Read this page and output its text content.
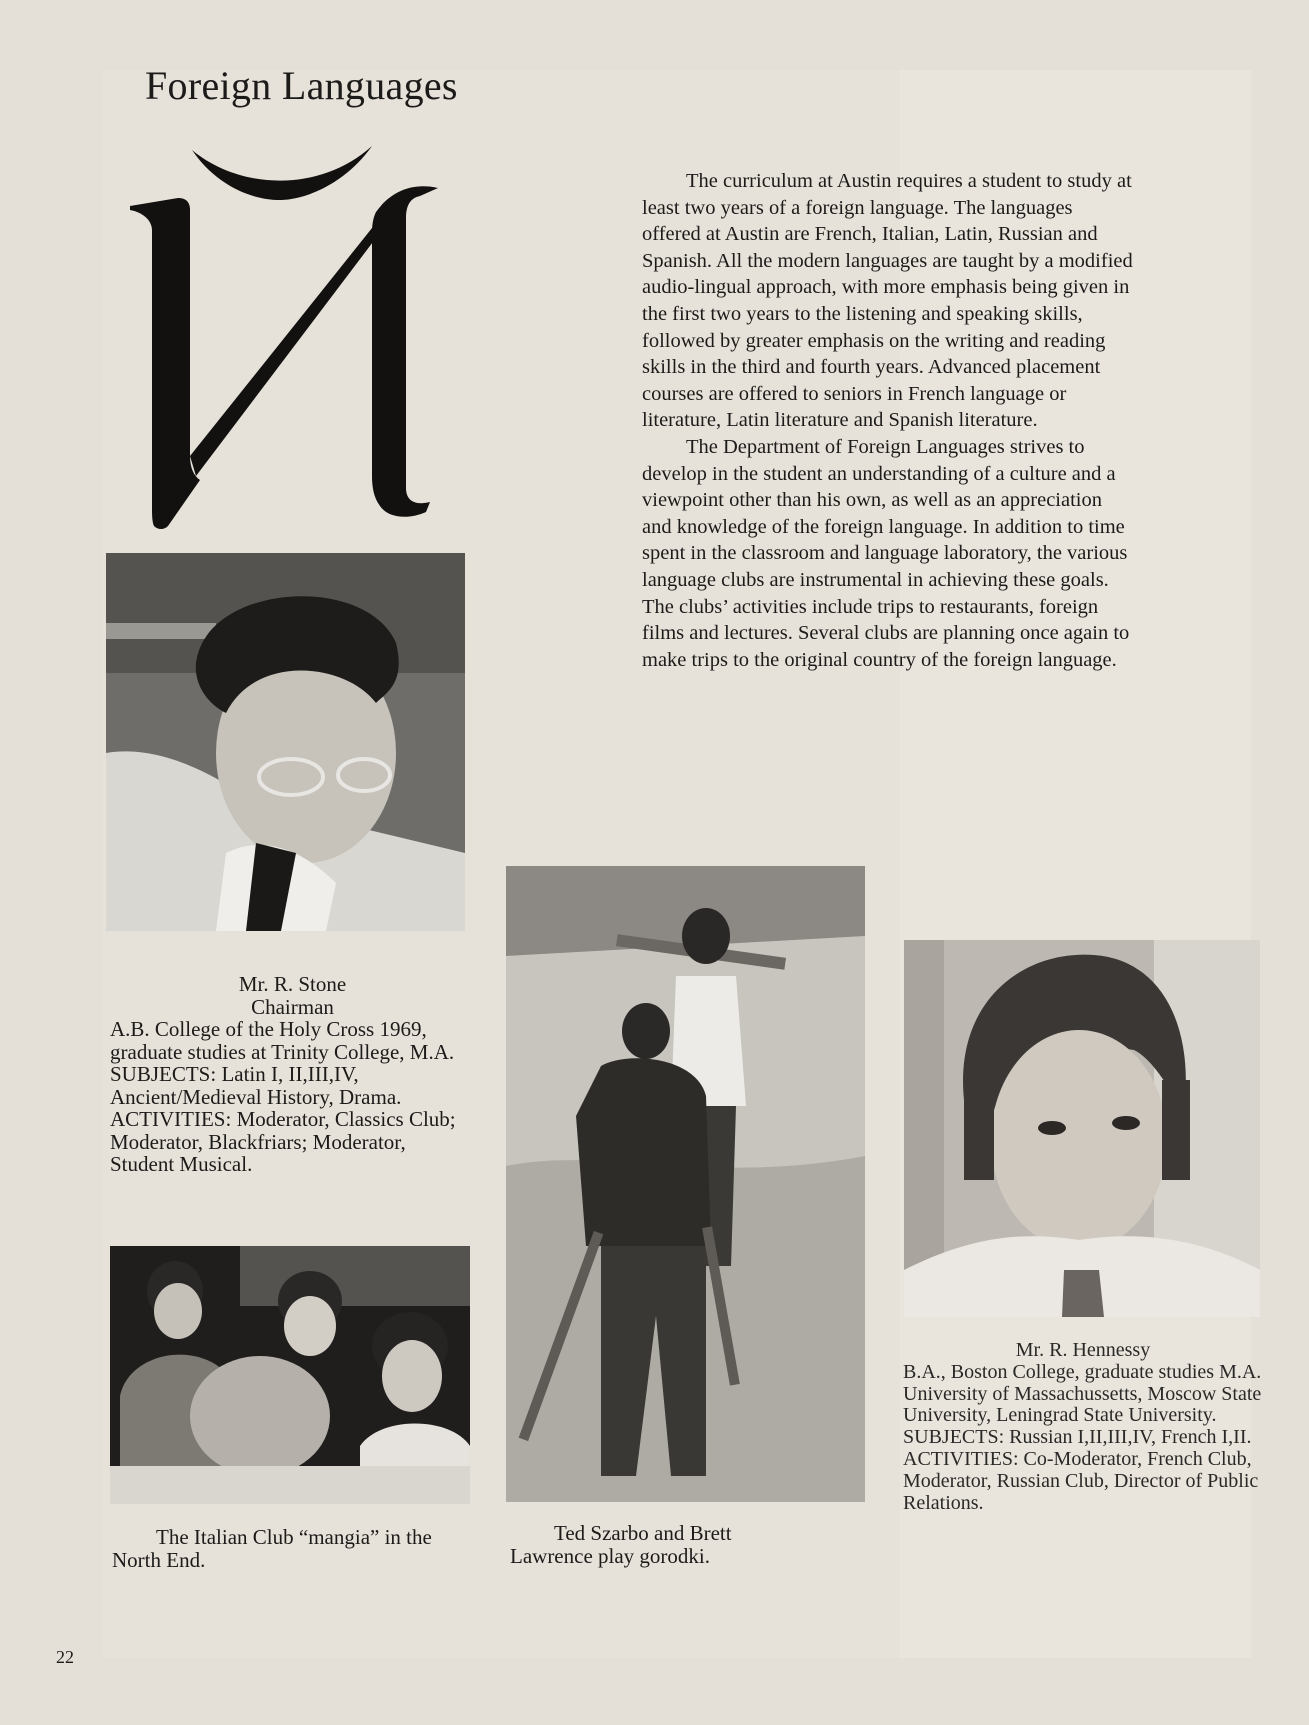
Foreign Languages

The curriculum at Austin requires a student to study at least two years of a foreign language. The languages offered at Austin are French, Italian, Latin, Russian and Spanish. All the modern languages are taught by a modified audio-lingual approach, with more emphasis being given in the first two years to the listening and speaking skills, followed by greater emphasis on the writing and reading skills in the third and fourth years. Advanced placement courses are offered to seniors in French language or literature, Latin literature and Spanish literature.

The Department of Foreign Languages strives to develop in the student an understanding of a culture and a viewpoint other than his own, as well as an appreciation and knowledge of the foreign language. In addition to time spent in the classroom and language laboratory, the various language clubs are instrumental in achieving these goals. The clubs’ activities include trips to restaurants, foreign films and lectures. Several clubs are planning once again to make trips to the original country of the foreign language.

Mr. R. Stone
Chairman
A.B. College of the Holy Cross 1969, graduate studies at Trinity College, M.A. SUBJECTS: Latin I, II,III,IV, Ancient/Medieval History, Drama. ACTIVITIES: Moderator, Classics Club; Moderator, Blackfriars; Moderator, Student Musical.
Mr. R. Hennessy
B.A., Boston College, graduate studies M.A. University of Massachussetts, Moscow State University, Leningrad State University. SUBJECTS: Russian I,II,III,IV, French I,II. ACTIVITIES: Co-Moderator, French Club, Moderator, Russian Club, Director of Public Relations.
The Italian Club “mangia” in the North End.
Ted Szarbo and Brett Lawrence play gorodki.
22
